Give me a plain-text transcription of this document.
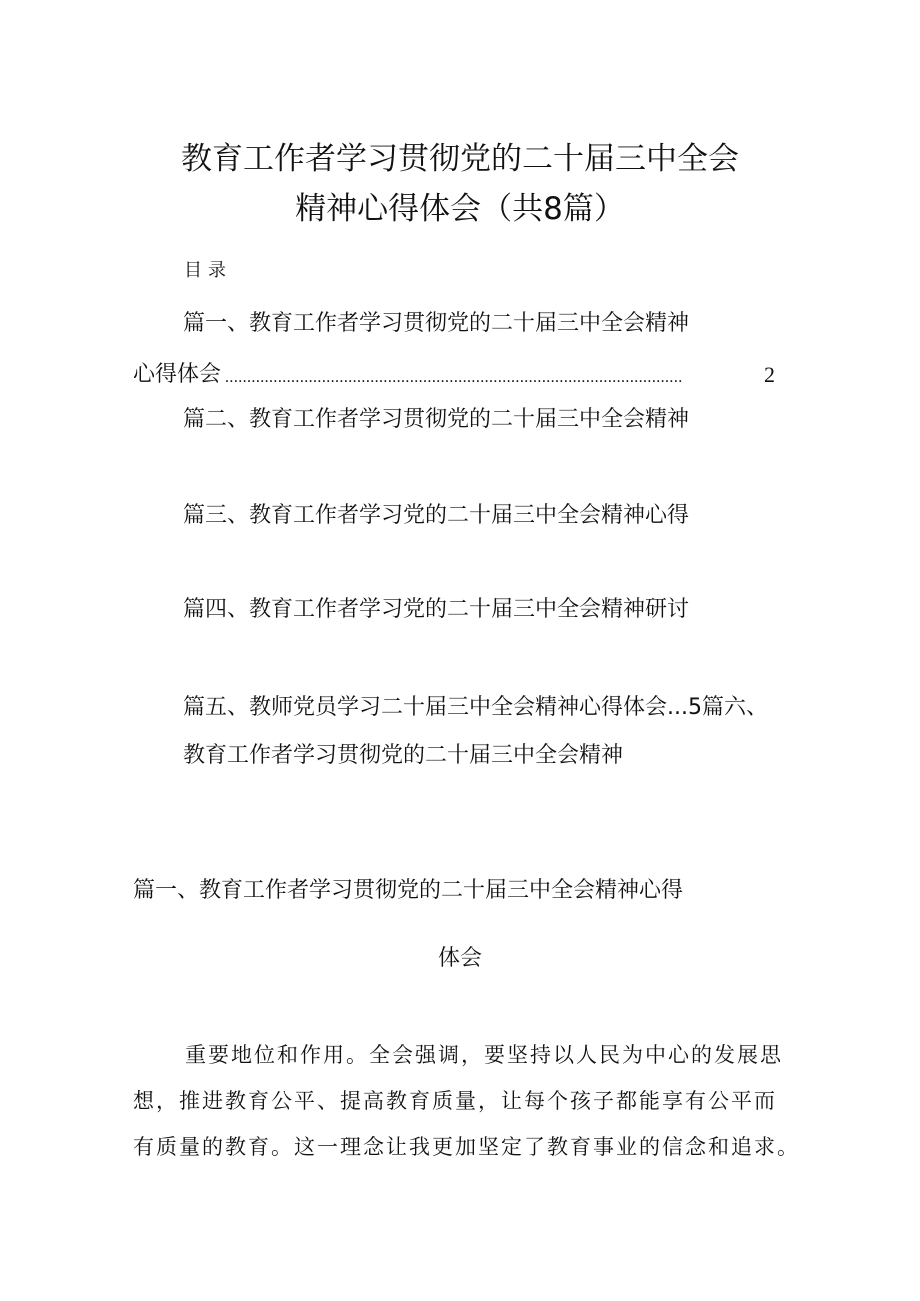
教育工作者学习贯彻党的二十届三中全会
精神心得体会（共8篇）
目录
篇一、教育工作者学习贯彻党的二十届三中全会精神
心得体会 ........................................................................................................	2
篇二、教育工作者学习贯彻党的二十届三中全会精神
篇三、教育工作者学习党的二十届三中全会精神心得
篇四、教育工作者学习党的二十届三中全会精神研讨
篇五、教师党员学习二十届三中全会精神心得体会...5篇六、
教育工作者学习贯彻党的二十届三中全会精神
篇一、教育工作者学习贯彻党的二十届三中全会精神心得
体会
重要地位和作用。全会强调，要坚持以人民为中心的发展思
想，推进教育公平、提高教育质量，让每个孩子都能享有公平而
有质量的教育。这一理念让我更加坚定了教育事业的信念和追求。
